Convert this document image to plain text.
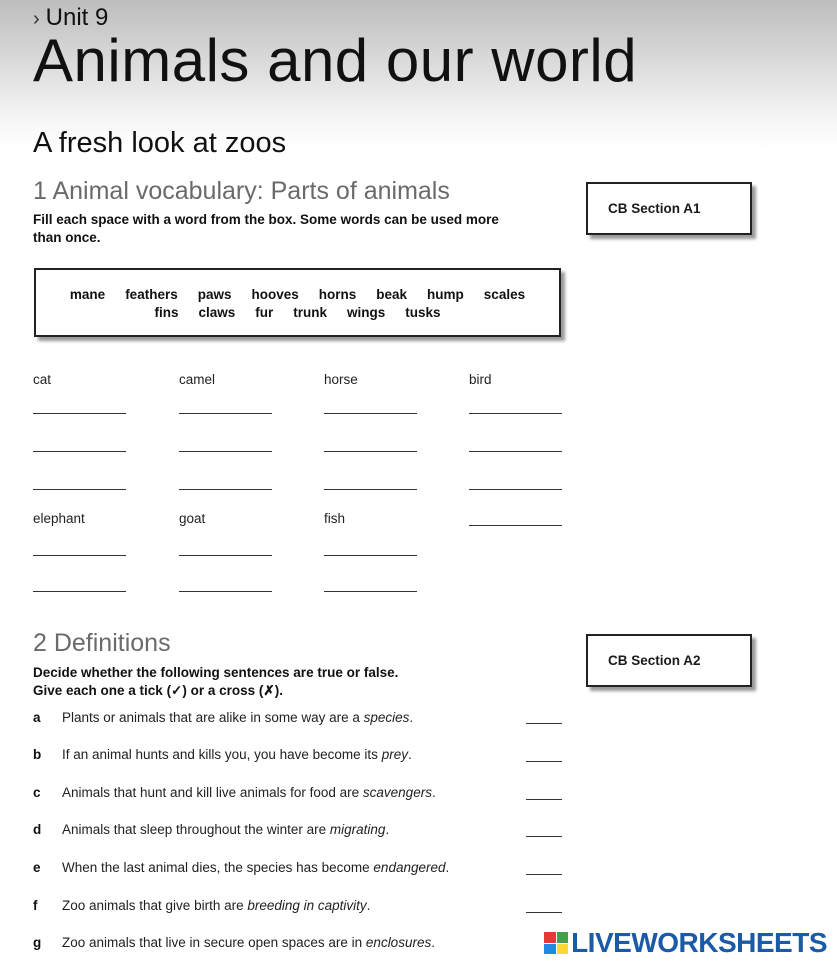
› Unit 9
Animals and our world
A fresh look at zoos
1 Animal vocabulary: Parts of animals
Fill each space with a word from the box. Some words can be used more
than once.
CB Section A1
mane feathers paws hooves horns beak hump scales
fins claws fur trunk wings tusks
cat	camel	horse	bird
elephant	goat	fish
2 Definitions
Decide whether the following sentences are true or false.
Give each one a tick (✓) or a cross (✗).
CB Section A2
a Plants or animals that are alike in some way are a species.
b If an animal hunts and kills you, you have become its prey.
c Animals that hunt and kill live animals for food are scavengers.
d Animals that sleep throughout the winter are migrating.
e When the last animal dies, the species has become endangered.
f Zoo animals that give birth are breeding in captivity.
g Zoo animals that live in secure open spaces are in enclosures.	LIVEWORKSHEETS
